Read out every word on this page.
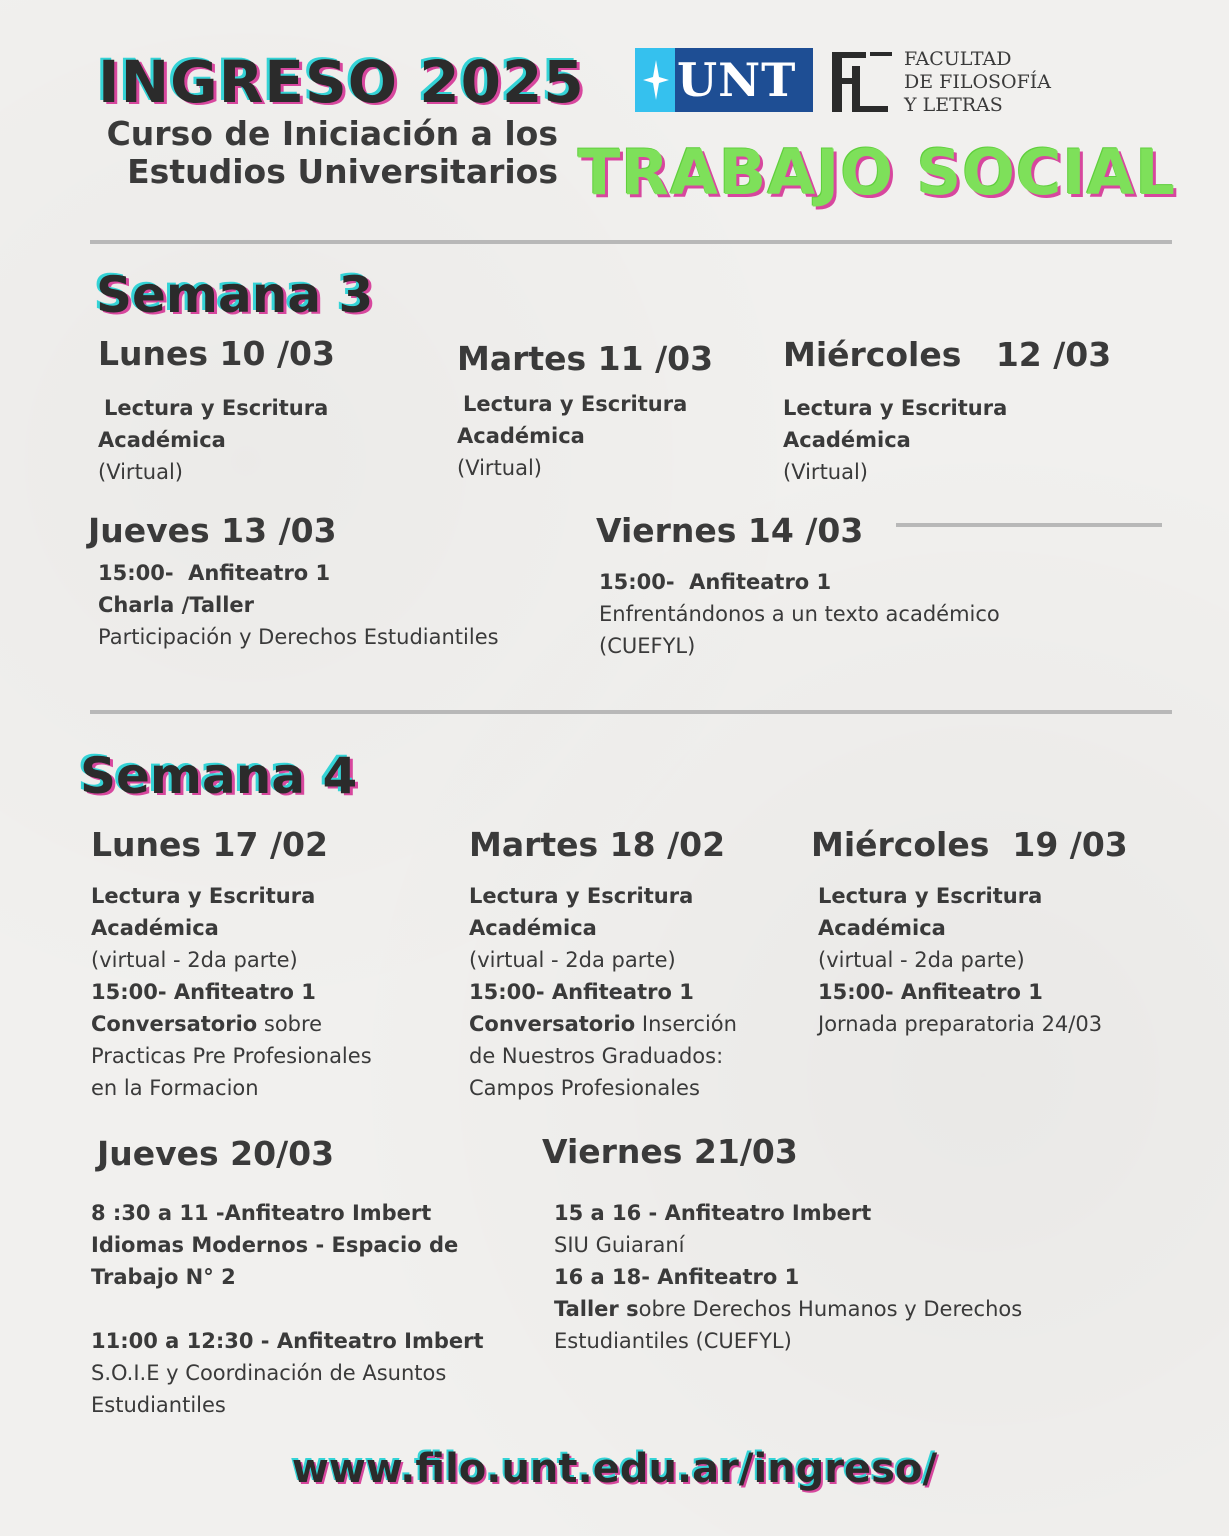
INGRESO 2025
Curso de Iniciación a los
Estudios Universitarios
UNT	FACULTAD
DE FILOSOFÍA
Y LETRAS
TRABAJO SOCIAL
Semana 3
Lunes 10 /03
Lectura y Escritura
Académica
(Virtual)
Martes 11 /03
Lectura y Escritura
Académica
(Virtual)
Miércoles   12 /03
Lectura y Escritura
Académica
(Virtual)
Jueves 13 /03
15:00-  Anfiteatro 1
Charla /Taller
Participación y Derechos Estudiantiles
Viernes 14 /03
15:00-  Anfiteatro 1
Enfrentándonos a un texto académico
(CUEFYL)
Semana 4
Lunes 17 /02
Lectura y Escritura
Académica
(virtual - 2da parte)
15:00- Anfiteatro 1
Conversatorio sobre
Practicas Pre Profesionales
en la Formacion
Martes 18 /02
Lectura y Escritura
Académica
(virtual - 2da parte)
15:00- Anfiteatro 1
Conversatorio Inserción
de Nuestros Graduados:
Campos Profesionales
Miércoles  19 /03
Lectura y Escritura
Académica
(virtual - 2da parte)
15:00- Anfiteatro 1
Jornada preparatoria 24/03
Jueves 20/03
8 :30 a 11 -Anfiteatro Imbert
Idiomas Modernos - Espacio de
Trabajo N° 2
11:00 a 12:30 - Anfiteatro Imbert
S.O.I.E y Coordinación de Asuntos
Estudiantiles
Viernes 21/03
15 a 16 - Anfiteatro Imbert
SIU Guiaraní
16 a 18- Anfiteatro 1
Taller sobre Derechos Humanos y Derechos
Estudiantiles (CUEFYL)
www.filo.unt.edu.ar/ingreso/
